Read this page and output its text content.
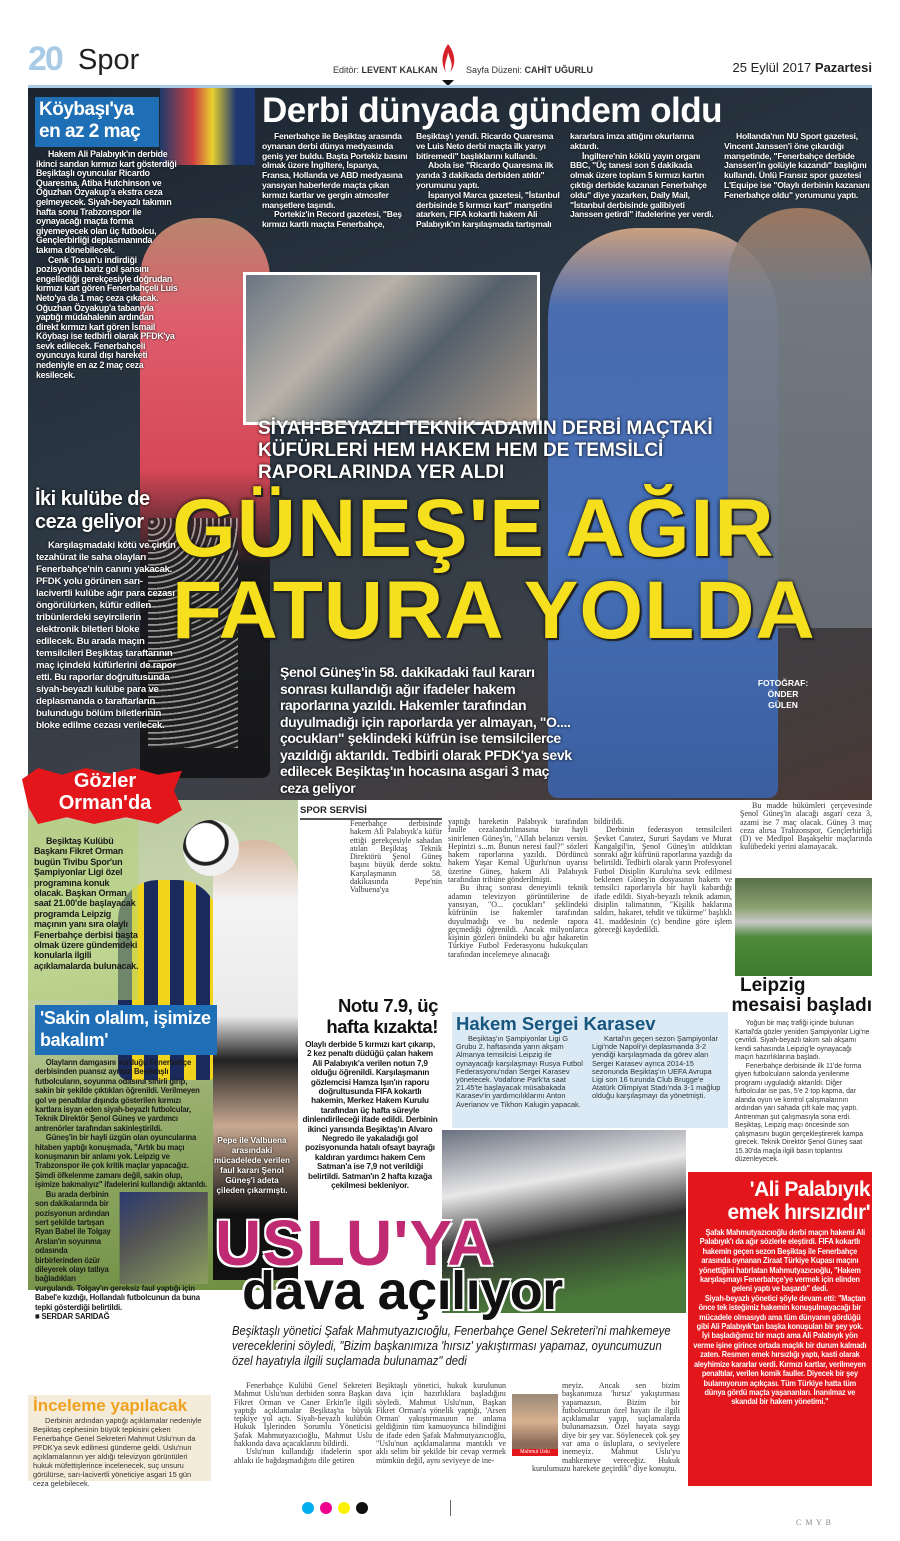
20 Spor	Editör: LEVENT KALKAN	Sayfa Düzeni: CAHİT UĞURLU	25 Eylül 2017 Pazartesi
Köybaşı'ya en az 2 maç

Hakem Ali Palabıyık'ın derbide ikinci sarıdan kırmızı kart gösterdiği Beşiktaşlı oyuncular Ricardo Quaresma, Atiba Hutchinson ve Oğuzhan Özyakup'a ekstra ceza gelmeyecek. Siyah-beyazlı takımın hafta sonu Trabzonspor ile oynayacağı maçta forma giyemeyecek olan üç futbolcu, Gençlerbirliği deplasmanında takıma dönebilecek.

Cenk Tosun'u indirdiği pozisyonda bariz gol şansını engellediği gerekçesiyle doğrudan kırmızı kart gören Fenerbahçeli Luis Neto'ya da 1 maç ceza çıkacak. Oğuzhan Özyakup'a tabanıyla yaptığı müdahalenin ardından direkt kırmızı kart gören İsmail Köybaşı ise tedbirli olarak PFDK'ya sevk edilecek. Fenerbahçeli oyuncuya kural dışı hareketi nedeniyle en az 2 maç ceza kesilecek.

İki kulübe de ceza geliyor

Karşılaşmadaki kötü ve çirkin tezahürat ile saha olayları Fenerbahçe'nin canını yakacak. PFDK yolu görünen sarı-lacivertli kulübe ağır para cezası öngörülürken, küfür edilen tribünlerdeki seyircilerin elektronik biletleri bloke edilecek. Bu arada maçın temsilcileri Beşiktaş taraftarının maç içindeki küfürlerini de rapor etti. Bu raporlar doğrultusunda siyah-beyazlı kulübe para ve deplasmanda o taraftarların bulunduğu bölüm biletlerinin bloke edilme cezası verilecek.

Derbi dünyada gündem oldu

Fenerbahçe ile Beşiktaş arasında oynanan derbi dünya medyasında geniş yer buldu. Başta Portekiz basını olmak üzere İngiltere, İspanya, Fransa, Hollanda ve ABD medyasına yansıyan haberlerde maçta çıkan kırmızı kartlar ve gergin atmosfer manşetlere taşındı.

Portekiz'in Record gazetesi, "Beş kırmızı kartlı maçta Fenerbahçe, Beşiktaş'ı yendi. Ricardo Quaresma ve Luis Neto derbi maçta ilk yarıyı bitiremedi" başlıklarını kullandı.

Abola ise "Ricardo Quaresma ilk yarıda 3 dakikada derbiden atıldı" yorumunu yaptı.

İspanyol Marca gazetesi, "İstanbul derbisinde 5 kırmızı kart" manşetini atarken, FIFA kokartlı hakem Ali Palabıyık'ın karşılaşmada tartışmalı kararlara imza attığını okurlarına aktardı.

İngiltere'nin köklü yayın organı BBC, "Üç tanesi son 5 dakikada olmak üzere toplam 5 kırmızı kartın çıktığı derbide kazanan Fenerbahçe oldu" diye yazarken, Daily Mail, "İstanbul derbisinde galibiyeti Janssen getirdi" ifadelerine yer verdi.

Hollanda'nın NU Sport gazetesi, Vincent Janssen'i öne çıkardığı manşetinde, "Fenerbahçe derbide Janssen'in golüyle kazandı" başlığını kullandı. Ünlü Fransız spor gazetesi L'Equipe ise "Olaylı derbinin kazananı Fenerbahçe oldu" yorumunu yaptı.

SİYAH-BEYAZLI TEKNİK ADAMIN DERBİ MAÇTAKİ KÜFÜRLERİ HEM HAKEM HEM DE TEMSİLCİ RAPORLARINDA YER ALDI
GÜNEŞ'E AĞIR
FATURA YOLDA

Şenol Güneş'in 58. dakikadaki faul kararı sonrası kullandığı ağır ifadeler hakem raporlarına yazıldı. Hakemler tarafından duyulmadığı için raporlarda yer almayan, "O.... çocukları" şeklindeki küfrün ise temsilcilerce yazıldığı aktarıldı. Tedbirli olarak PFDK'ya sevk edilecek Beşiktaş'ın hocasına asgari 3 maç ceza geliyor

FOTOĞRAF: ÖNDER GÜLEN

Gözler
Orman'da

Beşiktaş Kulübü Başkanı Fikret Orman bugün Tivibu Spor'un Şampiyonlar Ligi özel programına konuk olacak. Başkan Orman saat 21.00'de başlayacak programda Leipzig maçının yanı sıra olaylı Fenerbahçe derbisi başta olmak üzere gündemdeki konularla ilgili açıklamalarda bulunacak.

SPOR SERVİSİ

Fenerbahçe derbisinde hakem Ali Palabıyık'a küfür ettiği gerekçesiyle sahadan atılan Beşiktaş Teknik Direktörü Şenol Güneş başını büyük derde soktu. Karşılaşmanın 58. dakikasında Pepe'nin Valbuena'ya

yaptığı hareketin Palabıyık tarafından faulle cezalandırılmasına bir hayli sinirlenen Güneş'in, "Allah belanızı versin. Hepinizi s...m. Bunun neresi faul?" sözleri hakem raporlarına yazıldı. Dördüncü hakem Yaşar Kemal Uğurlu'nun uyarısı üzerine Güneş, hakem Ali Palabıyık tarafından tribüne gönderilmişti.

Bu ihraç sonrası deneyimli teknik adamın televizyon görüntülerine de yansıyan, "O... çocukları" şeklindeki küfrünün ise hakemler tarafından duyulmadığı ve bu nedenle rapora geçmediği öğrenildi. Ancak milyonlarca kişinin gözleri önündeki bu ağır hakaretin Türkiye Futbol Federasyonu hukukçuları tarafından incelemeye alınacağı

bildirildi.

Derbinin federasyon temsilcileri Şevket Canıtez, Sururi Saydam ve Murat Kangalgil'in, Şenol Güneş'in atıldıktan sonraki ağır küfrünü raporlarına yazdığı da belirtildi. Tedbirli olarak yarın Profesyonel Futbol Disiplin Kurulu'na sevk edilmesi beklenen Güneş'in dosyasının hakem ve temsilci raporlarıyla bir hayli kabardığı ifade edildi. Siyah-beyazlı teknik adamın, disiplin talimatının, "Kişilik haklarına saldırı, hakaret, tehdit ve tükürme" başlıklı 41. maddesinin (c) bendine göre işlem göreceği kaydedildi.

Bu madde hükümleri çerçevesinde Şenol Güneş'in alacağı asgari ceza 3, azami ise 7 maç olacak. Güneş 3 maç ceza alırsa Trabzonspor, Gençlerbirliği (D) ve Medipol Başakşehir maçlarında kulübedeki yerini alamayacak.

Leipzig
mesaisi başladı

Yoğun bir maç trafiği içinde bulunan Kartal'da gözler yeniden Şampiyonlar Ligi'ne çevrildi. Siyah-beyazlı takım salı akşamı kendi sahasında Leipzig'le oynayacağı maçın hazırlıklarına başladı.

Fenerbahçe derbisinde ilk 11'de forma giyen futbolcuların salonda yenilenme programı uyguladığı aktarıldı. Diğer futbolcular ise pas, 5'e 2 top kapma, dar alanda oyun ve kontrol çalışmalarının ardından yarı sahada çift kale maç yaptı. Antrenman şut çalışmasıyla sona erdi. Beşiktaş, Leipzig maçı öncesinde son çalışmasını bugün gerçekleştirerek kampa girecek. Teknik Direktör Şenol Güneş saat 15.30'da maçla ilgili basın toplantısı düzenleyecek.

'Sakin olalım, işimize bakalım'

Olayların damgasını vurduğu Fenerbahçe derbisinden puansız ayrılan Beşiktaşlı futbolcuların, soyunma odasına sinirli girip, sakin bir şekilde çıktıkları öğrenildi. Verilmeyen gol ve penaltılar dışında gösterilen kırmızı kartlara isyan eden siyah-beyazlı futbolcular, Teknik Direktör Şenol Güneş ve yardımcı antrenörler tarafından sakinleştirildi.

Güneş'in bir hayli üzgün olan oyuncularına hitaben yaptığı konuşmada, "Artık bu maçı konuşmanın bir anlamı yok. Leipzig ve Trabzonspor ile çok kritik maçlar yapacağız. Şimdi öfkelenme zamanı değil, sakin olup, işimize bakmalıyız" ifadelerini kullandığı aktarıldı.

Bu arada derbinin son dakikalarında bir pozisyonun ardından sert şekilde tartışan Ryan Babel ile Tolgay Arslan'ın soyunma odasında birbirlerinden özür dileyerek olayı tatlıya bağladıkları vurgulandı. Tolgay'ın gereksiz faul yaptığı için Babel'e kızdığı, Hollandalı futbolcunun da buna tepki gösterdiği belirtildi.

■ SERDAR SARIDAĞ

Notu 7.9, üç hafta kızakta!

Olaylı derbide 5 kırmızı kart çıkarıp, 2 kez penaltı düdüğü çalan hakem Ali Palabıyık'a verilen notun 7,9 olduğu öğrenildi. Karşılaşmanın gözlemcisi Hamza Işın'ın raporu doğrultusunda FIFA kokartlı hakemin, Merkez Hakem Kurulu tarafından üç hafta süreyle dinlendirileceği ifade edildi. Derbinin ikinci yarısında Beşiktaş'ın Alvaro Negredo ile yakaladığı gol pozisyonunda hatalı ofsayt bayrağı kaldıran yardımcı hakem Cem Satman'a ise 7,9 not verildiği belirtildi. Satman'ın 2 hafta kızağa çekilmesi bekleniyor.

Pepe ile Valbuena arasındaki mücadelede verilen faul kararı Şenol Güneş'i adeta çileden çıkarmıştı.

Hakem Sergei Karasev

Beşiktaş'ın Şampiyonlar Ligi G Grubu 2. haftasında yarın akşam Almanya temsilcisi Leipzig ile oynayacağı karşılaşmayı Rusya Futbol Federasyonu'ndan Sergei Karasev yönetecek. Vodafone Park'ta saat 21.45'te başlayacak müsabakada Karasev'in yardımcılıklarını Anton Averianov ve Tikhon Kalugin yapacak.

Kartal'ın geçen sezon Şampiyonlar Ligi'nde Napoli'yi deplasmanda 3-2 yendiği karşılaşmada da görev alan Sergei Karasev ayrıca 2014-15 sezonunda Beşiktaş'ın UEFA Avrupa Ligi son 16 turunda Club Brugge'e Atatürk Olimpiyat Stadı'nda 3-1 mağlup olduğu karşılaşmayı da yönetmişti.

'Ali Palabıyık
emek hırsızıdır'

Şafak Mahmutyazıcıoğlu derbi maçın hakemi Ali Palabıyık'ı da ağır sözlerle eleştirdi. FIFA kokartlı hakemin geçen sezon Beşiktaş ile Fenerbahçe arasında oynanan Ziraat Türkiye Kupası maçını yönettiğini hatırlatan Mahmutyazıcıoğlu, "Hakem karşılaşmayı Fenerbahçe'ye vermek için elinden geleni yaptı ve başardı" dedi.

Siyah-beyazlı yönetici şöyle devam etti: "Maçtan önce tek isteğimiz hakemin konuşulmayacağı bir mücadele olmasıydı ama tüm dünyanın gördüğü gibi Ali Palabıyık'tan başka konuşulan bir şey yok. İyi başladığımız bir maçtı ama Ali Palabıyık yön verme işine girince ortada maçlık bir durum kalmadı zaten. Resmen emek hırsızlığı yaptı, kasti olarak aleyhimize kararlar verdi. Kırmızı kartlar, verilmeyen penaltılar, verilen komik fauller. Diyecek bir şey bulamıyorum açıkçası. Tüm Türkiye hatta tüm dünya gördü maçta yaşananları. İnanılmaz ve skandal bir hakem yönetimi."

USLU'YA
dava açılıyor

Beşiktaşlı yönetici Şafak Mahmutyazıcıoğlu, Fenerbahçe Genel Sekreteri'ni mahkemeye vereceklerini söyledi, "Bizim başkanımıza 'hırsız' yakıştırması yapamaz, oyuncumuzun özel hayatıyla ilgili suçlamada bulunamaz" dedi

Fenerbahçe Kulübü Genel Sekreteri Mahmut Uslu'nun derbiden sonra Başkan Fikret Orman ve Caner Erkin'le ilgili yaptığı açıklamalar Beşiktaş'ta büyük tepkiye yol açtı. Siyah-beyazlı kulübün Hukuk İşlerinden Sorumlu Yöneticisi Şafak Mahmutyazıcıoğlu, Mahmut Uslu hakkında dava açacaklarını bildirdi.

Uslu'nun kullandığı ifadelerin spor ahlakı ile bağdaşmadığını dile getiren

Beşiktaşlı yönetici, hukuk kurulunun dava için hazırlıklara başladığını söyledi. Mahmut Uslu'nun, Başkan Fikret Orman'a yönelik yaptığı, 'Arsen Orman' yakıştırmasının ne anlama geldiğinin tüm kamuoyunca bilindiğini de ifade eden Şafak Mahmutyazıcıoğlu, "Uslu'nun açıklamalarına mantıklı ve aklı selim bir şekilde bir cevap vermek mümkün değil, aynı seviyeye de ine-

Mahmut Uslu

meyiz. Ancak sen bizim başkanımıza 'hırsız' yakıştırması yapamazsın. Bizim bir futbolcumuzun özel hayatı ile ilgili açıklamalar yapıp, suçlamalarda bulunamazsın. Özel hayata saygı diye bir şey var. Söylenecek çok şey var ama o üsluplara, o seviyelere inemeyiz. Mahmut Uslu'yu mahkemeye vereceğiz. Hukuk kurulumuzu harekete geçirdik" diye konuştu.

İnceleme yapılacak

Derbinin ardından yaptığı açıklamalar nedeniyle Beşiktaş cephesinin büyük tepkisini çeken Fenerbahçe Genel Sekreteri Mahmut Uslu'nun da PFDK'ya sevk edilmesi gündeme geldi. Uslu'nun açıklamalarının yer aldığı televizyon görüntüleri hukuk müfettişlerince incelenecek, suç unsuru görülürse, sarı-lacivertli yöneticiye asgari 15 gün ceza gelebilecek.

C M Y B
